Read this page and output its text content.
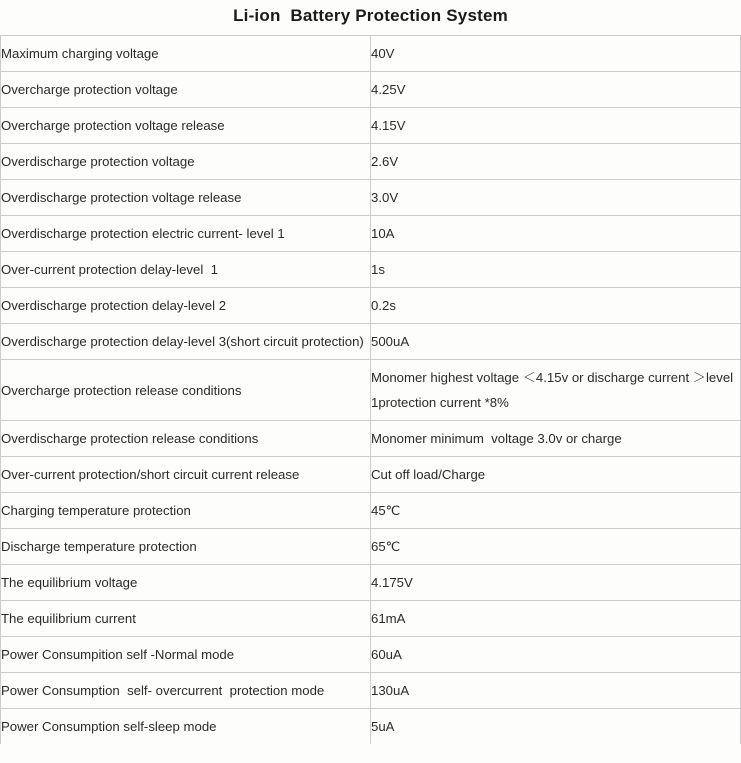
Li-ion  Battery Protection System	

Maximum charging voltage	40V

Overcharge protection voltage	4.25V

Overcharge protection voltage release	4.15V

Overdischarge protection voltage	2.6V

Overdischarge protection voltage release	3.0V

Overdischarge protection electric current- level 1	10A

Over-current protection delay-level  1	1s

Overdischarge protection delay-level 2	0.2s

Overdischarge protection delay-level 3(short circuit protection)	500uA

Overcharge protection release conditions	Monomer highest voltage ＜4.15v or discharge current ＞level 1protection current *8%

Overdischarge protection release conditions	Monomer minimum  voltage 3.0v or charge

Over-current protection/short circuit current release	Cut off load/Charge

Charging temperature protection	45℃

Discharge temperature protection	65℃

The equilibrium voltage	4.175V

The equilibrium current	61mA

Power Consumpition self -Normal mode	60uA

Power Consumption  self- overcurrent  protection mode	130uA

Power Consumption self-sleep mode	5uA
